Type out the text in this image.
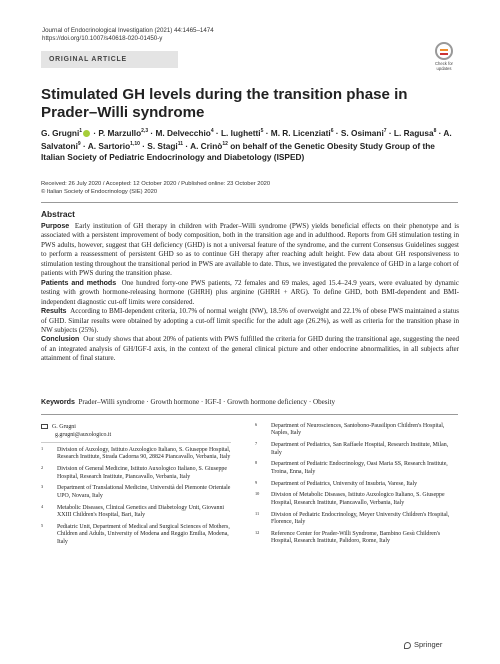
Journal of Endocrinological Investigation (2021) 44:1465–1474
https://doi.org/10.1007/s40618-020-01450-y
ORIGINAL ARTICLE
Check for
updates
Stimulated GH levels during the transition phase in Prader–Willi syndrome
G. Grugni$^1$ · P. Marzullo$^{2,3}$ · M. Delvecchio$^4$ · L. Iughetti$^5$ · M. R. Licenziati$^6$ · S. Osimani$^7$ · L. Ragusa$^8$ · A. Salvatoni$^9$ · A. Sartorio$^{1,10}$ · S. Stagi$^{11}$ · A. Crinò$^{12}$ on behalf of the Genetic Obesity Study Group of the Italian Society of Pediatric Endocrinology and Diabetology (ISPED)
Received: 26 July 2020 / Accepted: 12 October 2020 / Published online: 23 October 2020
© Italian Society of Endocrinology (SIE) 2020
Abstract

Purpose Early institution of GH therapy in children with Prader–Willi syndrome (PWS) yields beneficial effects on their phenotype and is associated with a persistent improvement of body composition, both in the transition age and in adulthood. Reports from GH stimulation testing in PWS adults, however, suggest that GH deficiency (GHD) is not a universal feature of the syndrome, and the current Consensus Guidelines suggest to perform a reassessment of persistent GHD so as to continue GH therapy after reaching adult height. Few data about GH responsiveness to stimulation testing throughout the transitional period in PWS are available to date. Thus, we investigated the prevalence of GHD in a large cohort of patients with PWS during the transition phase.

Patients and methods One hundred forty-one PWS patients, 72 females and 69 males, aged 15.4–24.9 years, were evaluated by dynamic testing with growth hormone-releasing hormone (GHRH) plus arginine (GHRH + ARG). To define GHD, both BMI-dependent and BMI-independent diagnostic cut-off limits were considered.

Results According to BMI-dependent criteria, 10.7% of normal weight (NW), 18.5% of overweight and 22.1% of obese PWS maintained a status of GHD. Similar results were obtained by adopting a cut-off limit specific for the adult age (26.2%), as well as criteria for the transition phase in NW subjects (25%).

Conclusion Our study shows that about 20% of patients with PWS fulfilled the criteria for GHD during the transitional age, suggesting the need of an integrated analysis of GH/IGF-I axis, in the context of the general clinical picture and other endocrine abnormalities, in all subjects after attainment of final stature.

Keywords Prader–Willi syndrome · Growth hormone · IGF-I · Growth hormone deficiency · Obesity
G. Grugni
g.grugni@auxologico.it
1 Division of Auxology, Istituto Auxologico Italiano, S. Giuseppe Hospital, Research Institute, Strada Cadorna 90, 28824 Piancavallo, Verbania, Italy
2 Division of General Medicine, Istituto Auxologico Italiano, S. Giuseppe Hospital, Research Institute, Piancavallo, Verbania, Italy
3 Department of Translational Medicine, Università del Piemonte Orientale UPO, Novara, Italy
4 Metabolic Diseases, Clinical Genetics and Diabetology Unit, Giovanni XXIII Children's Hospital, Bari, Italy
5 Pediatric Unit, Department of Medical and Surgical Sciences of Mothers, Children and Adults, University of Modena and Reggio Emilia, Modena, Italy
6 Department of Neurosciences, Santobono-Pausilipon Children's Hospital, Naples, Italy
7 Department of Pediatrics, San Raffaele Hospital, Research Institute, Milan, Italy
8 Department of Pediatric Endocrinology, Oasi Maria SS, Research Institute, Troina, Enna, Italy
9 Department of Pediatrics, University of Insubria, Varese, Italy
10 Division of Metabolic Diseases, Istituto Auxologico Italiano, S. Giuseppe Hospital, Research Institute, Piancavallo, Verbania, Italy
11 Division of Pediatric Endocrinology, Meyer University Children's Hospital, Florence, Italy
12 Reference Center for Prader-Willi Syndrome, Bambino Gesù Children's Hospital, Research Institute, Palidoro, Rome, Italy
Springer
